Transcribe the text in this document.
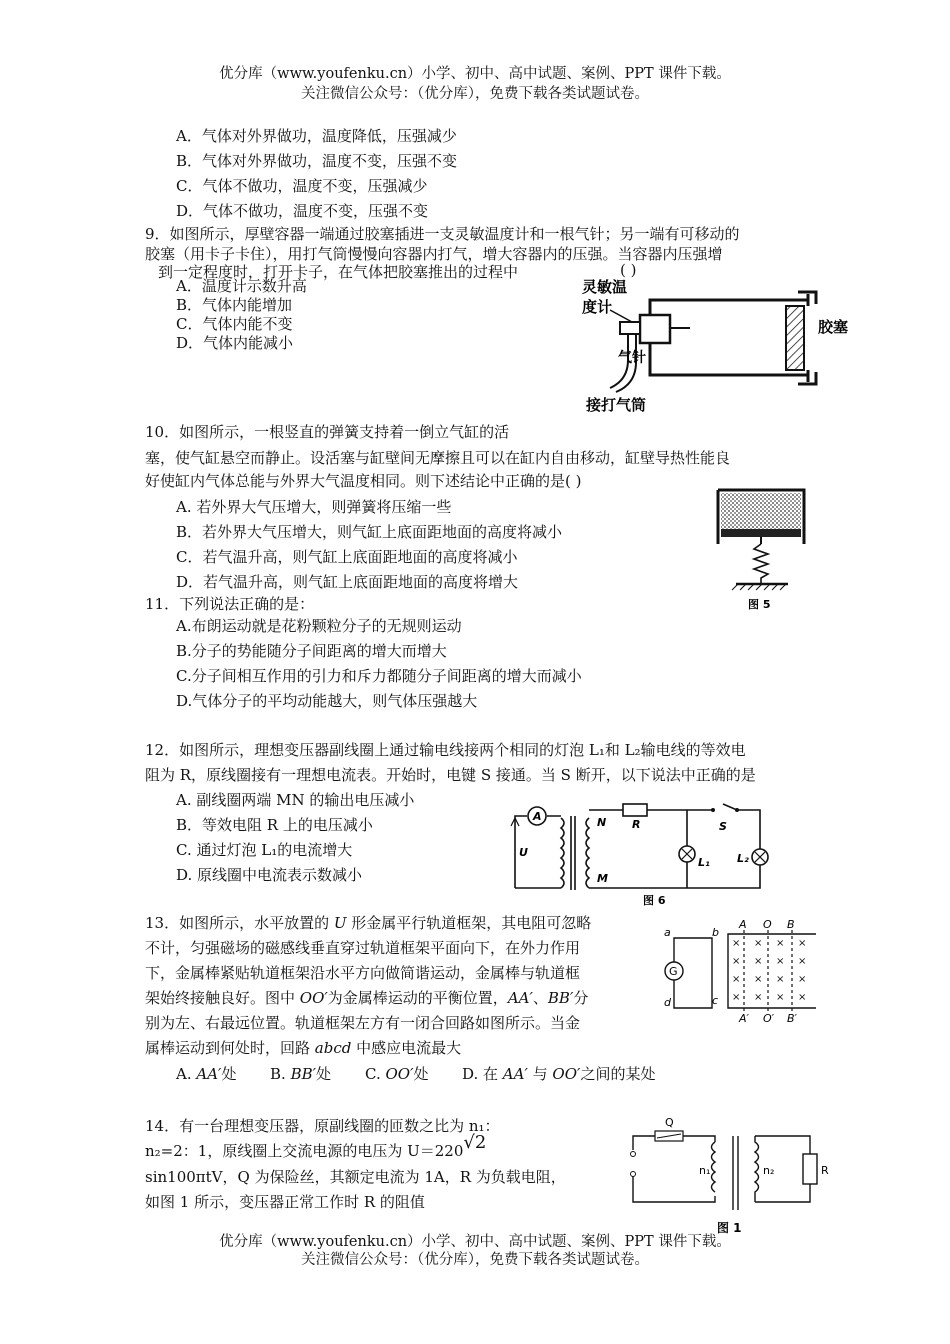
优分库（www.youfenku.cn）小学、初中、高中试题、案例、PPT 课件下载。
关注微信公众号：（优分库），免费下载各类试题试卷。
A．气体对外界做功，温度降低，压强减少
B．气体对外界做功，温度不变，压强不变
C．气体不做功，温度不变，压强减少
D．气体不做功，温度不变，压强不变
9．如图所示，厚壁容器一端通过胶塞插进一支灵敏温度计和一根气针；另一端有可移动的
胶塞（用卡子卡住），用打气筒慢慢向容器内打气，增大容器内的压强。当容器内压强增
到一定程度时，打开卡子，在气体把胶塞推出的过程中	( )
A．温度计示数升高
B．气体内能增加
C．气体内能不变
D．气体内能减小
灵敏温
度计
气针
胶塞
接打气筒
10．如图所示，一根竖直的弹簧支持着一倒立气缸的活
塞，使气缸悬空而静止。设活塞与缸壁间无摩擦且可以在缸内自由移动，缸壁导热性能良
好使缸内气体总能与外界大气温度相同。则下述结论中正确的是( )
A. 若外界大气压增大，则弹簧将压缩一些
B．若外界大气压增大，则气缸上底面距地面的高度将减小
C．若气温升高，则气缸上底面距地面的高度将减小
D．若气温升高，则气缸上底面距地面的高度将增大
图 5
11．下列说法正确的是：
A.布朗运动就是花粉颗粒分子的无规则运动
B.分子的势能随分子间距离的增大而增大
C.分子间相互作用的引力和斥力都随分子间距离的增大而减小
D.气体分子的平均动能越大，则气体压强越大
12．如图所示，理想变压器副线圈上通过输电线接两个相同的灯泡 L₁和 L₂输电线的等效电
阻为 R，原线圈接有一理想电流表。开始时，电键 S 接通。当 S 断开，以下说法中正确的是
A. 副线圈两端 MN 的输出电压减小
B．等效电阻 R 上的电压减小
C. 通过灯泡 L₁的电流增大
D. 原线圈中电流表示数减小
A
U
N
M
R	S
L₁ L₂
图 6
13．如图所示，水平放置的 U 形金属平行轨道框架，其电阻可忽略
不计，匀强磁场的磁感线垂直穿过轨道框架平面向下，在外力作用
下，金属棒紧贴轨道框架沿水平方向做简谐运动，金属棒与轨道框
架始终接触良好。图中 OO′为金属棒运动的平衡位置，AA′、BB′分
别为左、右最远位置。轨道框架左方有一闭合回路如图所示。当金
属棒运动到何处时，回路 abcd 中感应电流最大
A. AA′处 B. BB′处 C. OO′处 D. 在 AA′ 与 OO′之间的某处
a	b
c
d
A O B
A′ O′ B′
G
× × × ×
× × × ×
× × × ×
× × × ×
14．有一台理想变压器，原副线圈的匝数之比为 n₁：
n₂=2：1，原线圈上交流电源的电压为 U＝220√2
sin100πtV，Q 为保险丝，其额定电流为 1A，R 为负载电阻，
如图 1 所示，变压器正常工作时 R 的阻值
Q
n₁	n₂	R
图 1
优分库（www.youfenku.cn）小学、初中、高中试题、案例、PPT 课件下载。
关注微信公众号：（优分库），免费下载各类试题试卷。
